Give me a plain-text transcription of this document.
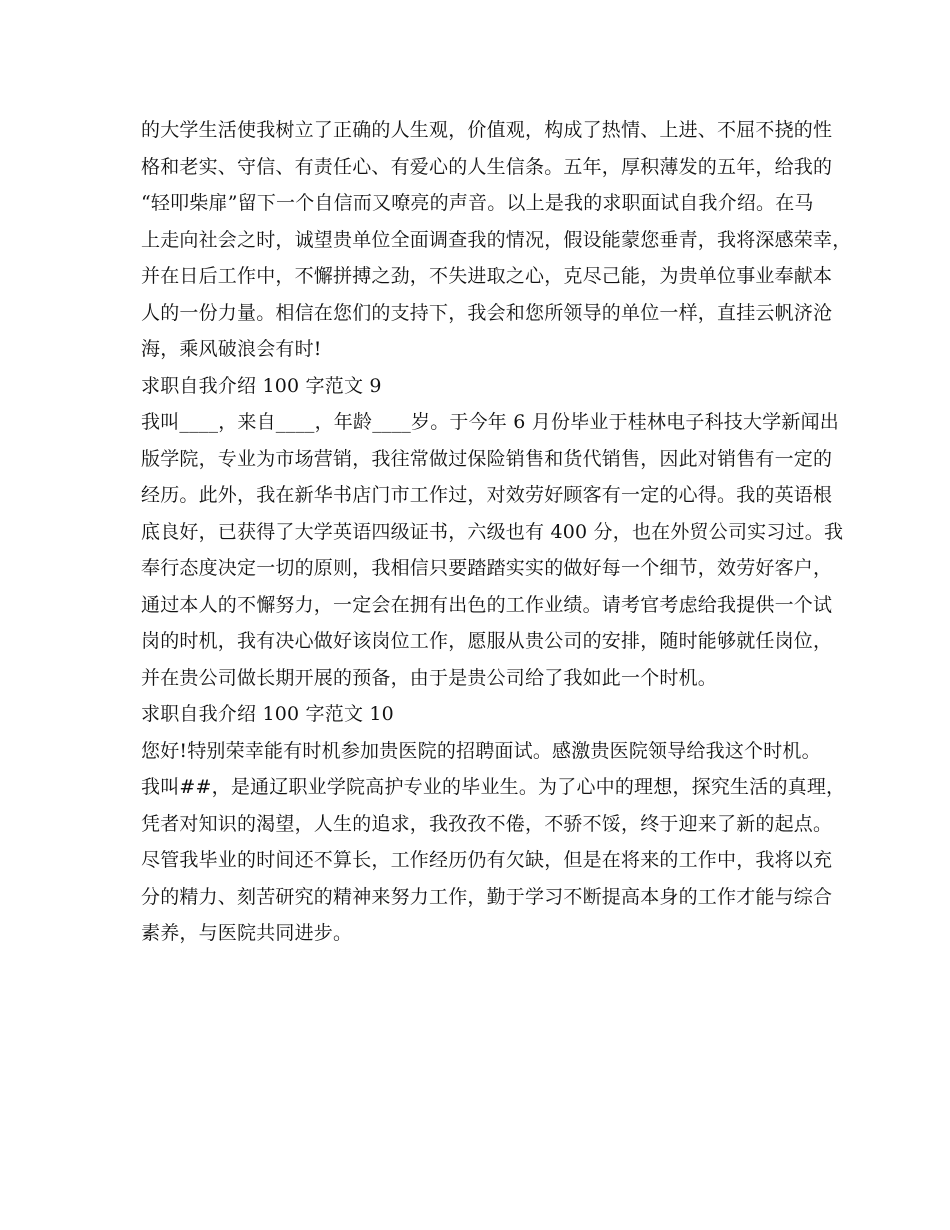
的大学生活使我树立了正确的人生观，价值观，构成了热情、上进、不屈不挠的性
格和老实、守信、有责任心、有爱心的人生信条。五年，厚积薄发的五年，给我的
“轻叩柴扉”留下一个自信而又嘹亮的声音。以上是我的求职面试自我介绍。在马
上走向社会之时，诚望贵单位全面调查我的情况，假设能蒙您垂青，我将深感荣幸，
并在日后工作中，不懈拼搏之劲，不失进取之心，克尽己能，为贵单位事业奉献本
人的一份力量。相信在您们的支持下，我会和您所领导的单位一样，直挂云帆济沧
海，乘风破浪会有时!
求职自我介绍 100 字范文 9
我叫____，来自____，年龄____岁。于今年 6 月份毕业于桂林电子科技大学新闻出
版学院，专业为市场营销，我往常做过保险销售和货代销售，因此对销售有一定的
经历。此外，我在新华书店门市工作过，对效劳好顾客有一定的心得。我的英语根
底良好，已获得了大学英语四级证书，六级也有 400 分，也在外贸公司实习过。我
奉行态度决定一切的原则，我相信只要踏踏实实的做好每一个细节，效劳好客户，
通过本人的不懈努力，一定会在拥有出色的工作业绩。请考官考虑给我提供一个试
岗的时机，我有决心做好该岗位工作，愿服从贵公司的安排，随时能够就任岗位，
并在贵公司做长期开展的预备，由于是贵公司给了我如此一个时机。
求职自我介绍 100 字范文 10
您好!特别荣幸能有时机参加贵医院的招聘面试。感激贵医院领导给我这个时机。
我叫##，是通辽职业学院高护专业的毕业生。为了心中的理想，探究生活的真理，
凭者对知识的渴望，人生的追求，我孜孜不倦，不骄不馁，终于迎来了新的起点。
尽管我毕业的时间还不算长，工作经历仍有欠缺，但是在将来的工作中，我将以充
分的精力、刻苦研究的精神来努力工作，勤于学习不断提高本身的工作才能与综合
素养，与医院共同进步。
